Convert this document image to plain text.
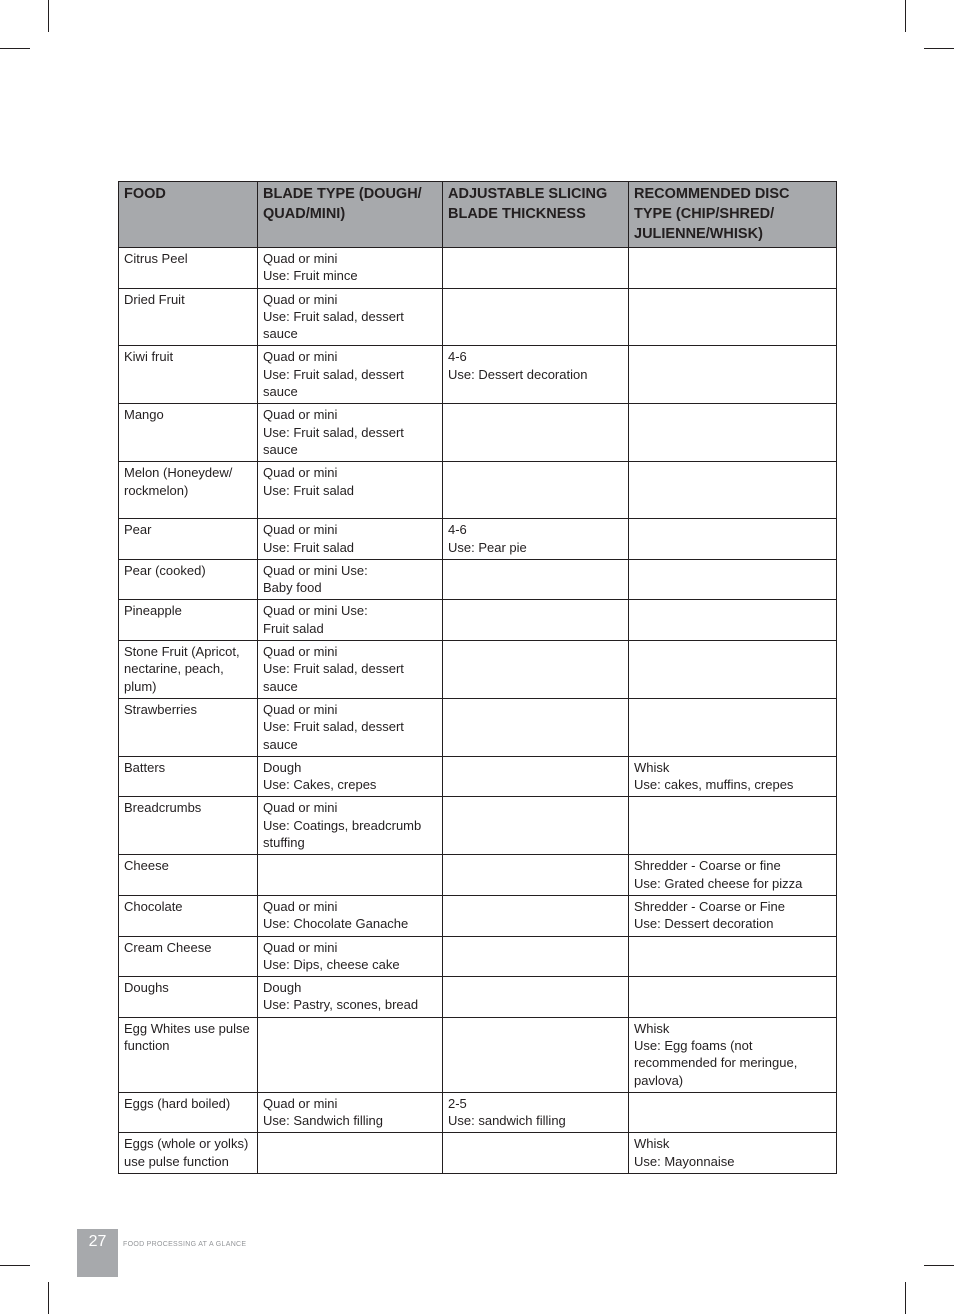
FOOD	BLADE TYPE (DOUGH/ QUAD/MINI)	ADJUSTABLE SLICING BLADE THICKNESS	RECOMMENDED DISC TYPE (CHIP/SHRED/ JULIENNE/WHISK)
Citrus Peel	Quad or mini
Use: Fruit mince		

Dried Fruit	Quad or mini
Use: Fruit salad, dessert sauce		

Kiwi fruit	Quad or mini
Use: Fruit salad, dessert sauce	4-6
Use: Dessert decoration	

Mango	Quad or mini
Use: Fruit salad, dessert sauce		

Melon (Honeydew/ rockmelon)	Quad or mini
Use: Fruit salad		

Pear	Quad or mini
Use: Fruit salad	4-6
Use: Pear pie	

Pear (cooked)	Quad or mini Use:
Baby food		

Pineapple	Quad or mini Use:
Fruit salad		

Stone Fruit (Apricot, nectarine, peach, plum)	Quad or mini
Use: Fruit salad, dessert sauce		

Strawberries	Quad or mini
Use: Fruit salad, dessert sauce		

Batters	Dough
Use: Cakes, crepes		Whisk
Use: cakes, muffins, crepes

Breadcrumbs	Quad or mini
Use: Coatings, breadcrumb stuffing		

Cheese			Shredder - Coarse or fine
Use: Grated cheese for pizza

Chocolate	Quad or mini
Use: Chocolate Ganache		Shredder - Coarse or Fine
Use: Dessert decoration

Cream Cheese	Quad or mini
Use: Dips, cheese cake		

Doughs	Dough
Use: Pastry, scones, bread		

Egg Whites use pulse function			Whisk
Use: Egg foams (not recommended for meringue, pavlova)

Eggs (hard boiled)	Quad or mini
Use: Sandwich filling	2-5
Use: sandwich filling	

Eggs (whole or yolks) use pulse function			Whisk
Use: Mayonnaise
27	FOOD PROCESSING AT A GLANCE
